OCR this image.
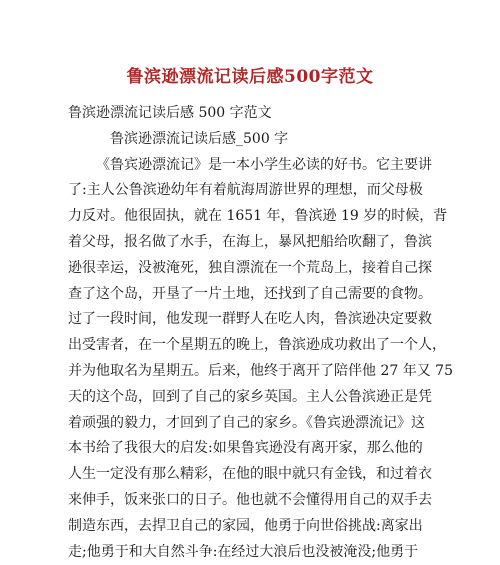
鲁滨逊漂流记读后感500字范文
鲁滨逊漂流记读后感 500 字范文
鲁滨逊漂流记读后感_500 字
《鲁宾逊漂流记》是一本小学生必读的好书。它主要讲
了:主人公鲁滨逊幼年有着航海周游世界的理想，而父母极
力反对。他很固执，就在 1651 年，鲁滨逊 19 岁的时候，背
着父母，报名做了水手，在海上，暴风把船给吹翻了，鲁滨
逊很幸运，没被淹死，独自漂流在一个荒岛上，接着自己探
查了这个岛，开垦了一片土地，还找到了自己需要的食物。
过了一段时间，他发现一群野人在吃人肉，鲁滨逊决定要救
出受害者，在一个星期五的晚上，鲁滨逊成功救出了一个人，
并为他取名为星期五。后来，他终于离开了陪伴他 27 年又 75
天的这个岛，回到了自己的家乡英国。主人公鲁滨逊正是凭
着顽强的毅力，才回到了自己的家乡。《鲁宾逊漂流记》这
本书给了我很大的启发:如果鲁宾逊没有离开家，那么他的
人生一定没有那么精彩，在他的眼中就只有金钱，和过着衣
来伸手，饭来张口的日子。他也就不会懂得用自己的双手去
制造东西，去捍卫自己的家园，他勇于向世俗挑战:离家出
走;他勇于和大自然斗争:在经过大浪后也没被淹没;他勇于
